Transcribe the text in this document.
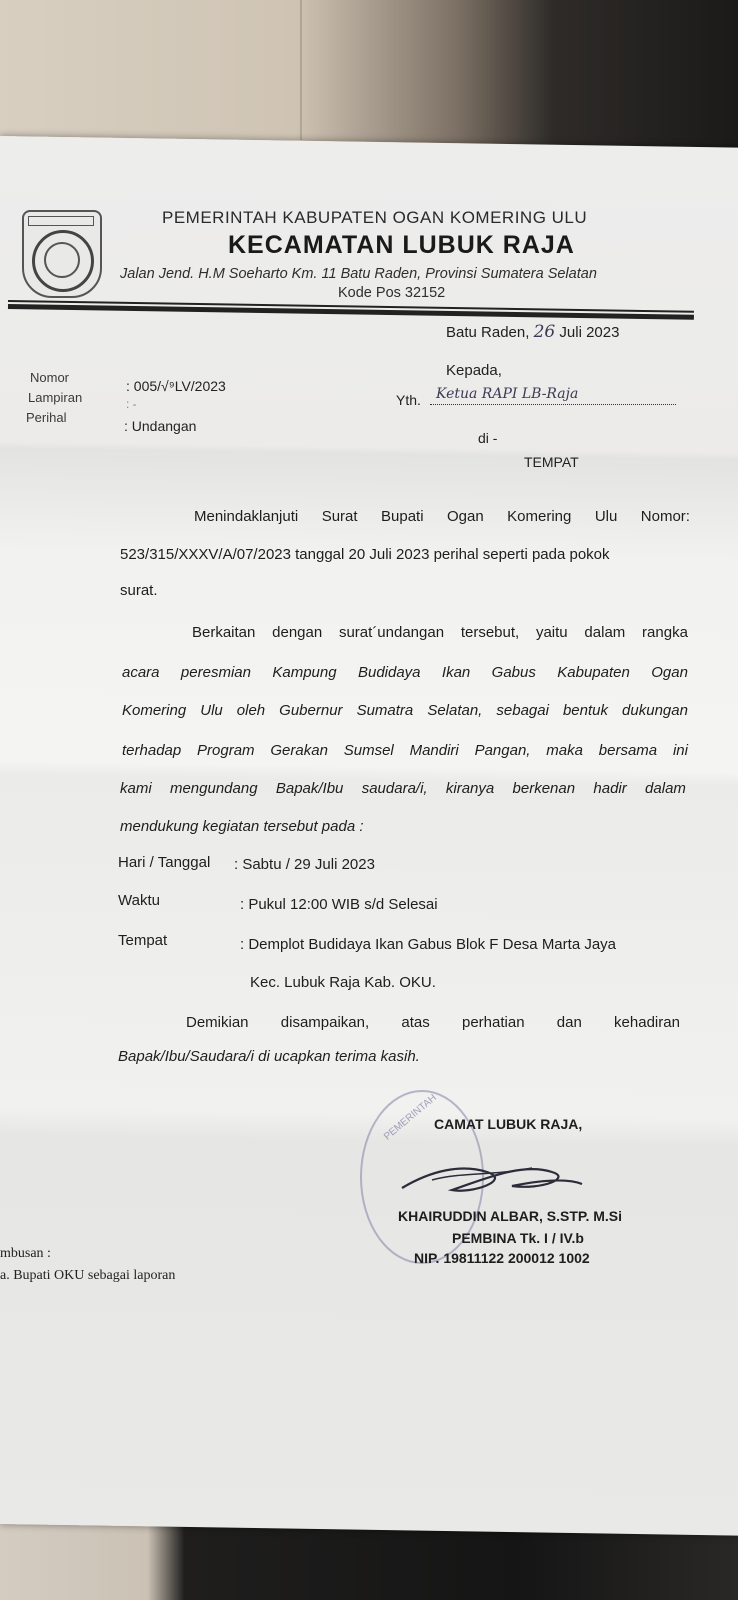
PEMERINTAH KABUPATEN OGAN KOMERING ULU
KECAMATAN LUBUK RAJA
Jalan Jend. H.M Soeharto Km. 11 Batu Raden, Provinsi Sumatera Selatan
Kode Pos 32152
Batu Raden, 26 Juli 2023
Nomor
Lampiran
Perihal
: 005/√⁹LV/2023
: -
: Undangan
Kepada,
Yth. Ketua RAPI LB-Raja
di -
TEMPAT
Menindaklanjuti Surat Bupati Ogan Komering Ulu Nomor:
523/315/XXXV/A/07/2023 tanggal 20 Juli 2023 perihal seperti pada pokok
surat.
Berkaitan dengan surat´undangan tersebut, yaitu dalam rangka
acara peresmian Kampung Budidaya Ikan Gabus Kabupaten Ogan
Komering Ulu oleh Gubernur Sumatra Selatan, sebagai bentuk dukungan
terhadap Program Gerakan Sumsel Mandiri Pangan, maka bersama ini
kami mengundang Bapak/Ibu saudara/i, kiranya berkenan hadir dalam
mendukung kegiatan tersebut pada :
Hari / Tanggal : Sabtu / 29 Juli 2023
Waktu	: Pukul 12:00 WIB s/d Selesai
Tempat	: Demplot Budidaya Ikan Gabus Blok F Desa Marta Jaya
Kec. Lubuk Raja Kab. OKU.
Demikian disampaikan, atas perhatian dan kehadiran
Bapak/Ibu/Saudara/i di ucapkan terima kasih.
PEMERINTAH
CAMAT LUBUK RAJA,
KHAIRUDDIN ALBAR, S.STP. M.Si
PEMBINA Tk. I / IV.b
NIP. 19811122 200012 1002
mbusan :
a. Bupati OKU sebagai laporan
